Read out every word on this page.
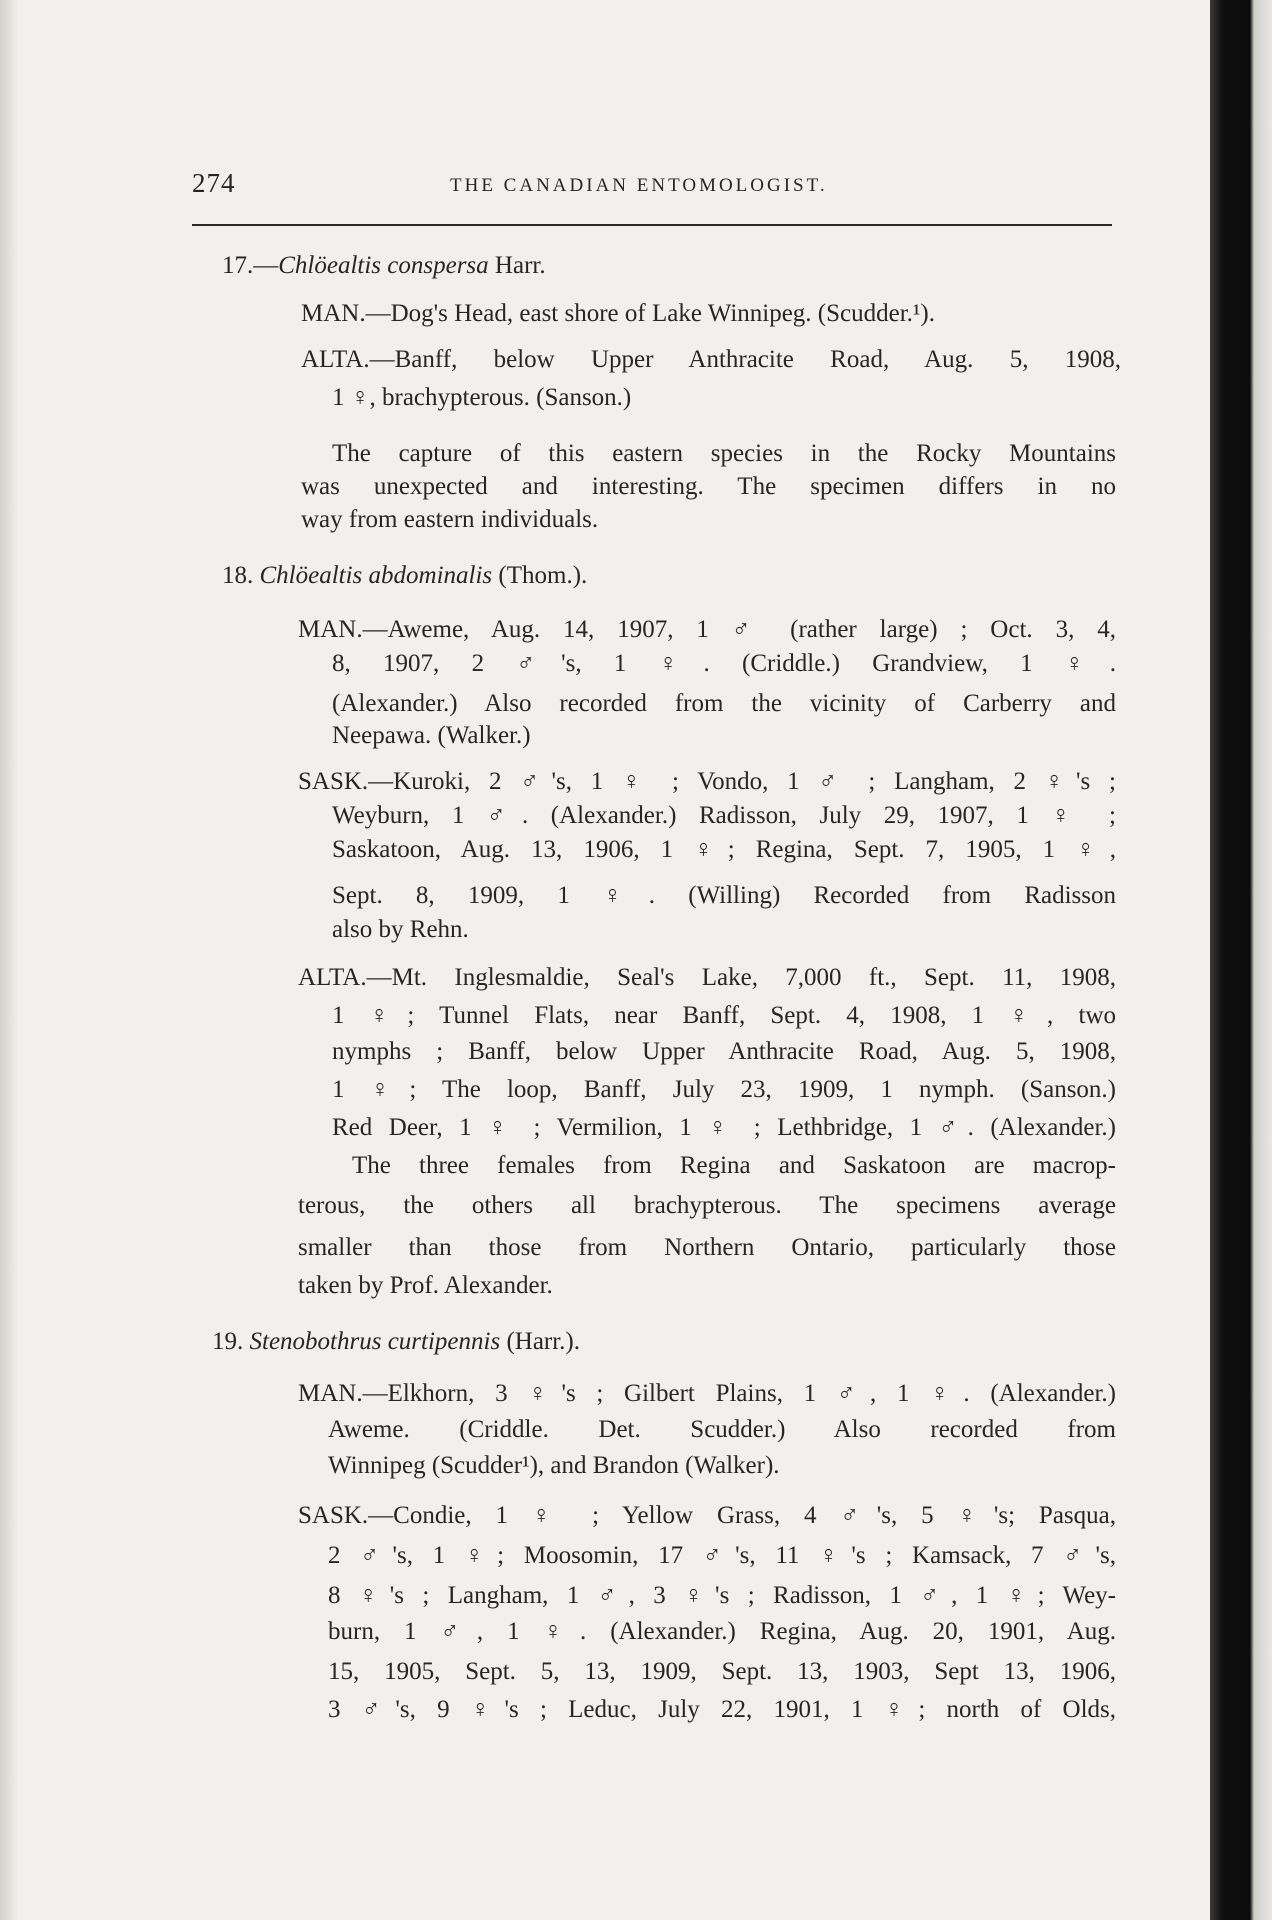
274	THE CANADIAN ENTOMOLOGIST.
17.—Chlöealtis conspersa Harr.
MAN.—Dog's Head, east shore of Lake Winnipeg. (Scudder.¹).
ALTA.—Banff, below Upper Anthracite Road, Aug. 5, 1908,
1 ♀, brachypterous. (Sanson.)
The capture of this eastern species in the Rocky Mountains
was unexpected and interesting. The specimen differs in no
way from eastern individuals.
18. Chlöealtis abdominalis (Thom.).
MAN.—Aweme, Aug. 14, 1907, 1 ♂ (rather large) ; Oct. 3, 4,
8, 1907, 2 ♂'s, 1 ♀. (Criddle.) Grandview, 1 ♀.
(Alexander.) Also recorded from the vicinity of Carberry and
Neepawa. (Walker.)
SASK.—Kuroki, 2 ♂'s, 1 ♀ ; Vondo, 1 ♂ ; Langham, 2 ♀'s ;
Weyburn, 1 ♂. (Alexander.) Radisson, July 29, 1907, 1 ♀ ;
Saskatoon, Aug. 13, 1906, 1 ♀; Regina, Sept. 7, 1905, 1 ♀,
Sept. 8, 1909, 1 ♀. (Willing) Recorded from Radisson
also by Rehn.
ALTA.—Mt. Inglesmaldie, Seal's Lake, 7,000 ft., Sept. 11, 1908,
1 ♀; Tunnel Flats, near Banff, Sept. 4, 1908, 1 ♀, two
nymphs ; Banff, below Upper Anthracite Road, Aug. 5, 1908,
1 ♀; The loop, Banff, July 23, 1909, 1 nymph. (Sanson.)
Red Deer, 1 ♀ ; Vermilion, 1 ♀ ; Lethbridge, 1 ♂. (Alexander.)
The three females from Regina and Saskatoon are macrop-
terous, the others all brachypterous. The specimens average
smaller than those from Northern Ontario, particularly those
taken by Prof. Alexander.
19. Stenobothrus curtipennis (Harr.).
MAN.—Elkhorn, 3 ♀'s ; Gilbert Plains, 1 ♂, 1 ♀. (Alexander.)
Aweme. (Criddle. Det. Scudder.) Also recorded from
Winnipeg (Scudder¹), and Brandon (Walker).
SASK.—Condie, 1 ♀ ; Yellow Grass, 4 ♂'s, 5 ♀'s; Pasqua,
2 ♂'s, 1 ♀; Moosomin, 17 ♂'s, 11 ♀'s ; Kamsack, 7 ♂'s,
8 ♀'s ; Langham, 1 ♂, 3 ♀'s ; Radisson, 1 ♂, 1 ♀; Wey-
burn, 1 ♂, 1 ♀. (Alexander.) Regina, Aug. 20, 1901, Aug.
15, 1905, Sept. 5, 13, 1909, Sept. 13, 1903, Sept 13, 1906,
3 ♂'s, 9 ♀'s ; Leduc, July 22, 1901, 1 ♀; north of Olds,
